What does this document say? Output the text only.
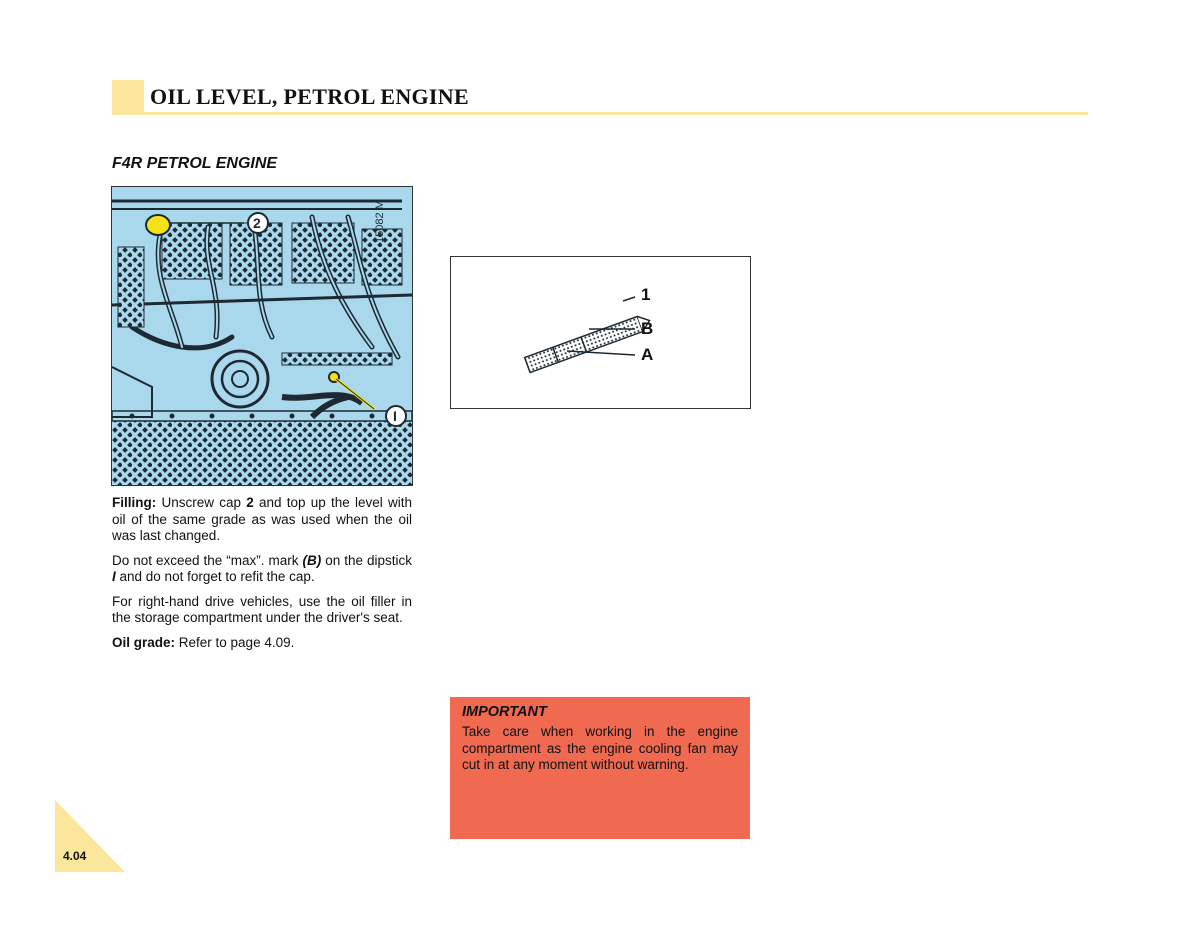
OIL LEVEL, PETROL ENGINE
F4R PETROL ENGINE
2
I
15082 M
1
B
A

Filling: Unscrew cap 2 and top up the level with oil of the same grade as was used when the oil was last changed.

Do not exceed the “max”. mark (B) on the dipstick I and do not forget to refit the cap.

For right-hand drive vehicles, use the oil filler in the storage compartment under the driver's seat.

Oil grade: Refer to page 4.09.

IMPORTANT

Take care when working in the engine compartment as the engine cooling fan may cut in at any moment without warning.

4.04
